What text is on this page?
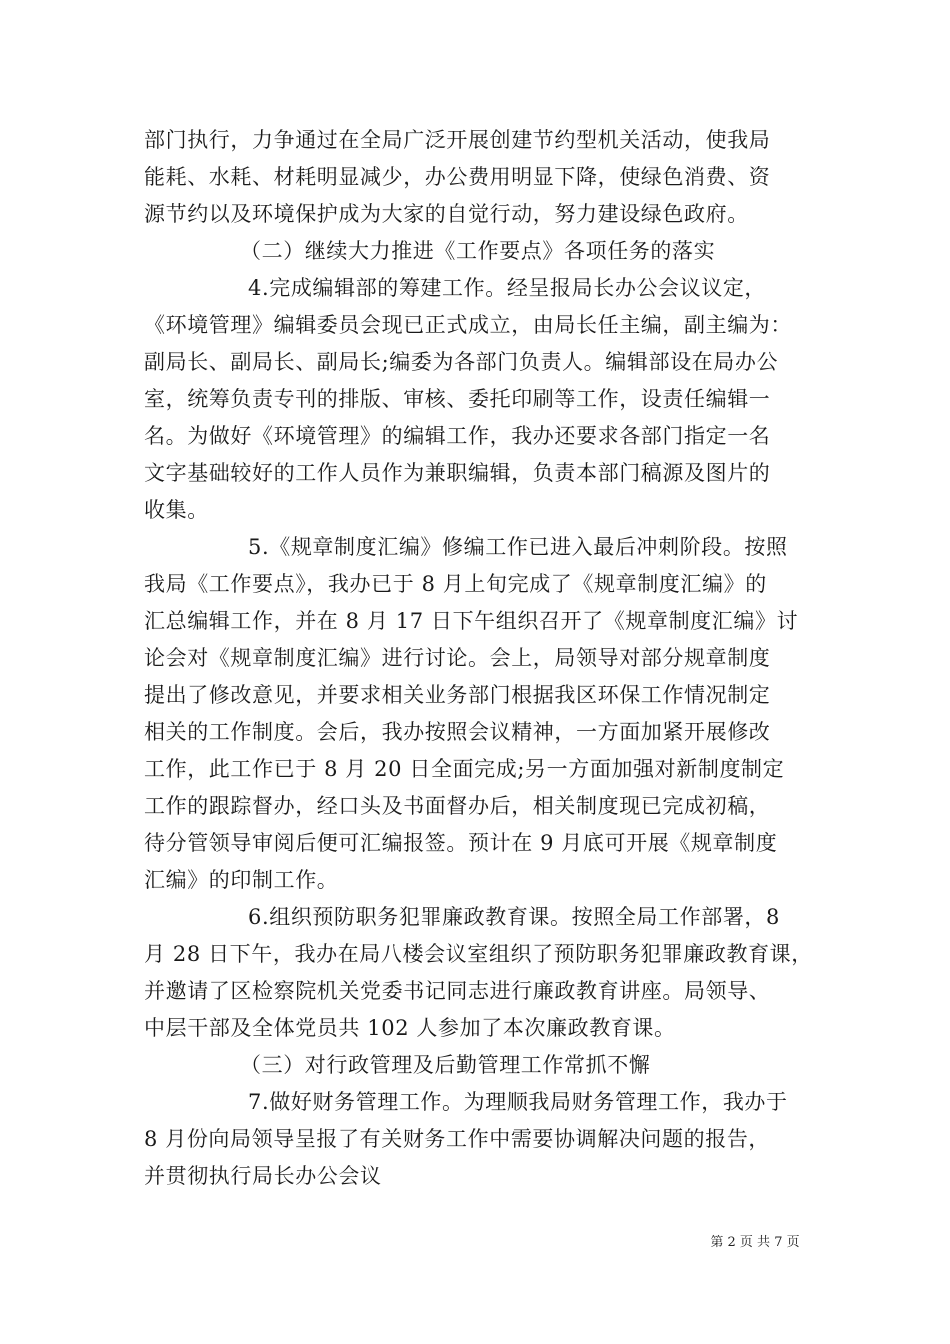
部门执行，力争通过在全局广泛开展创建节约型机关活动，使我局
能耗、水耗、材耗明显减少，办公费用明显下降，使绿色消费、资
源节约以及环境保护成为大家的自觉行动，努力建设绿色政府。
（二）继续大力推进《工作要点》各项任务的落实
4.完成编辑部的筹建工作。经呈报局长办公会议议定，
《环境管理》编辑委员会现已正式成立，由局长任主编，副主编为：
副局长、副局长、副局长;编委为各部门负责人。编辑部设在局办公
室，统筹负责专刊的排版、审核、委托印刷等工作，设责任编辑一
名。为做好《环境管理》的编辑工作，我办还要求各部门指定一名
文字基础较好的工作人员作为兼职编辑，负责本部门稿源及图片的
收集。
5.《规章制度汇编》修编工作已进入最后冲刺阶段。按照
我局《工作要点》，我办已于 8 月上旬完成了《规章制度汇编》的
汇总编辑工作，并在 8 月 17 日下午组织召开了《规章制度汇编》讨
论会对《规章制度汇编》进行讨论。会上，局领导对部分规章制度
提出了修改意见，并要求相关业务部门根据我区环保工作情况制定
相关的工作制度。会后，我办按照会议精神，一方面加紧开展修改
工作，此工作已于 8 月 20 日全面完成;另一方面加强对新制度制定
工作的跟踪督办，经口头及书面督办后，相关制度现已完成初稿，
待分管领导审阅后便可汇编报签。预计在 9 月底可开展《规章制度
汇编》的印制工作。
6.组织预防职务犯罪廉政教育课。按照全局工作部署，8
月 28 日下午，我办在局八楼会议室组织了预防职务犯罪廉政教育课，
并邀请了区检察院机关党委书记同志进行廉政教育讲座。局领导、
中层干部及全体党员共 102 人参加了本次廉政教育课。
（三）对行政管理及后勤管理工作常抓不懈
7.做好财务管理工作。为理顺我局财务管理工作，我办于
8 月份向局领导呈报了有关财务工作中需要协调解决问题的报告，
并贯彻执行局长办公会议
第 2 页 共 7 页
